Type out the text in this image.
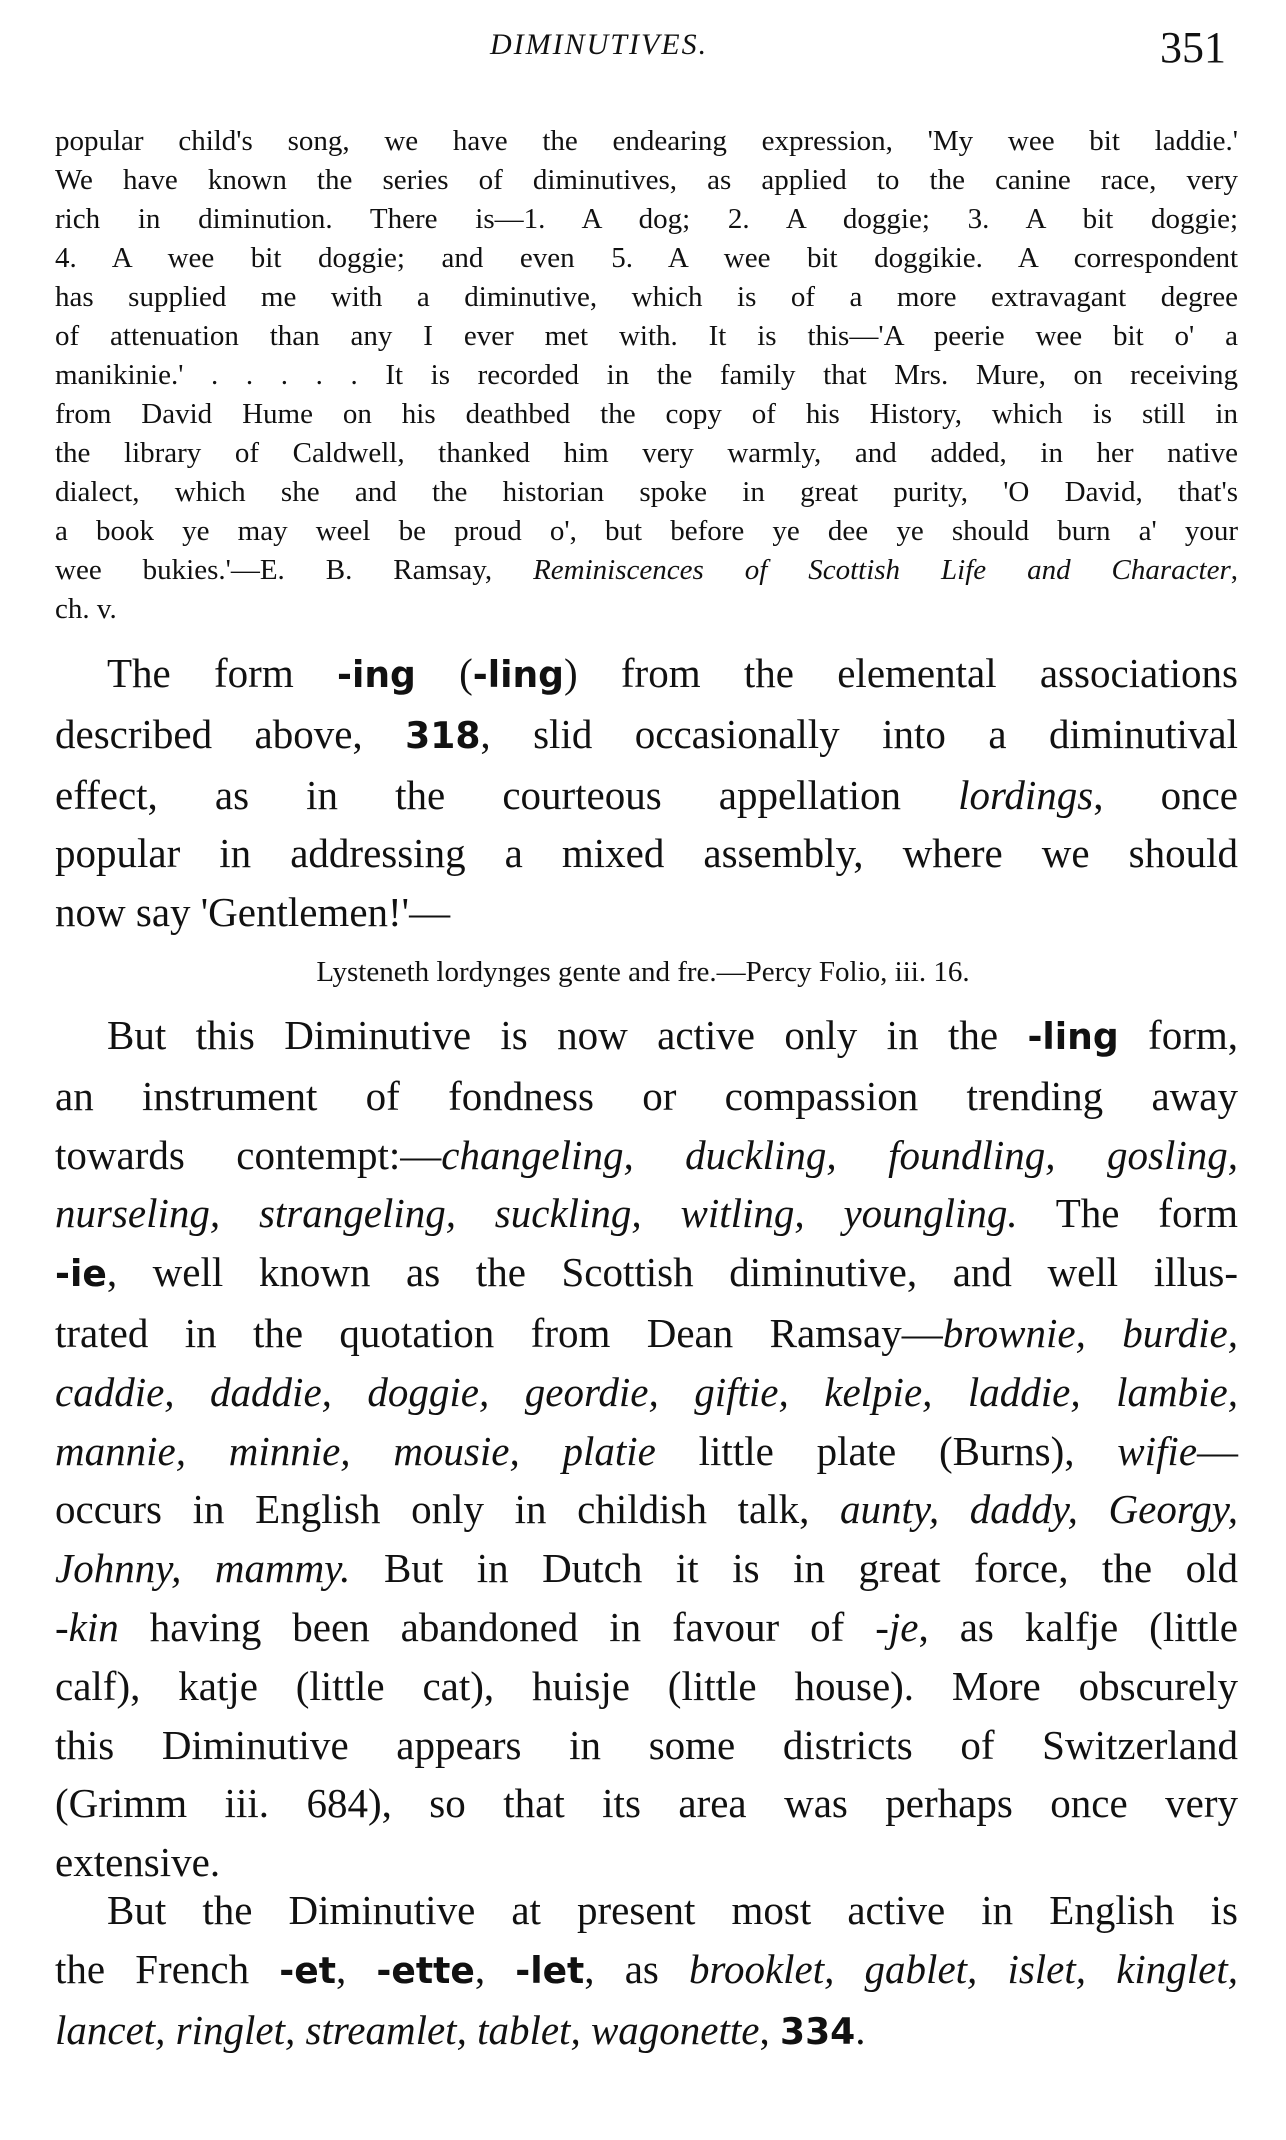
DIMINUTIVES.	351
popular child's song, we have the endearing expression, 'My wee bit laddie.'
We have known the series of diminutives, as applied to the canine race, very
rich in diminution. There is—1. A dog; 2. A doggie; 3. A bit doggie;
4. A wee bit doggie; and even 5. A wee bit doggikie. A correspondent
has supplied me with a diminutive, which is of a more extravagant degree
of attenuation than any I ever met with. It is this—'A peerie wee bit o' a
manikinie.' . . . . . It is recorded in the family that Mrs. Mure, on receiving
from David Hume on his deathbed the copy of his History, which is still in
the library of Caldwell, thanked him very warmly, and added, in her native
dialect, which she and the historian spoke in great purity, 'O David, that's
a book ye may weel be proud o', but before ye dee ye should burn a' your
wee bukies.'—E. B. Ramsay, Reminiscences of Scottish Life and Character,
ch. v.
The form -ing (-ling) from the elemental associations
described above, 318, slid occasionally into a diminutival
effect, as in the courteous appellation lordings, once
popular in addressing a mixed assembly, where we should
now say 'Gentlemen!'—
Lysteneth lordynges gente and fre.—Percy Folio, iii. 16.
But this Diminutive is now active only in the -ling form,
an instrument of fondness or compassion trending away
towards contempt:—changeling, duckling, foundling, gosling,
nurseling, strangeling, suckling, witling, youngling. The form
-ie, well known as the Scottish diminutive, and well illus-
trated in the quotation from Dean Ramsay—brownie, burdie,
caddie, daddie, doggie, geordie, giftie, kelpie, laddie, lambie,
mannie, minnie, mousie, platie little plate (Burns), wifie—
occurs in English only in childish talk, aunty, daddy, Georgy,
Johnny, mammy. But in Dutch it is in great force, the old
-kin having been abandoned in favour of -je, as kalfje (little
calf), katje (little cat), huisje (little house). More obscurely
this Diminutive appears in some districts of Switzerland
(Grimm iii. 684), so that its area was perhaps once very
extensive.
But the Diminutive at present most active in English is
the French -et, -ette, -let, as brooklet, gablet, islet, kinglet,
lancet, ringlet, streamlet, tablet, wagonette, 334.
